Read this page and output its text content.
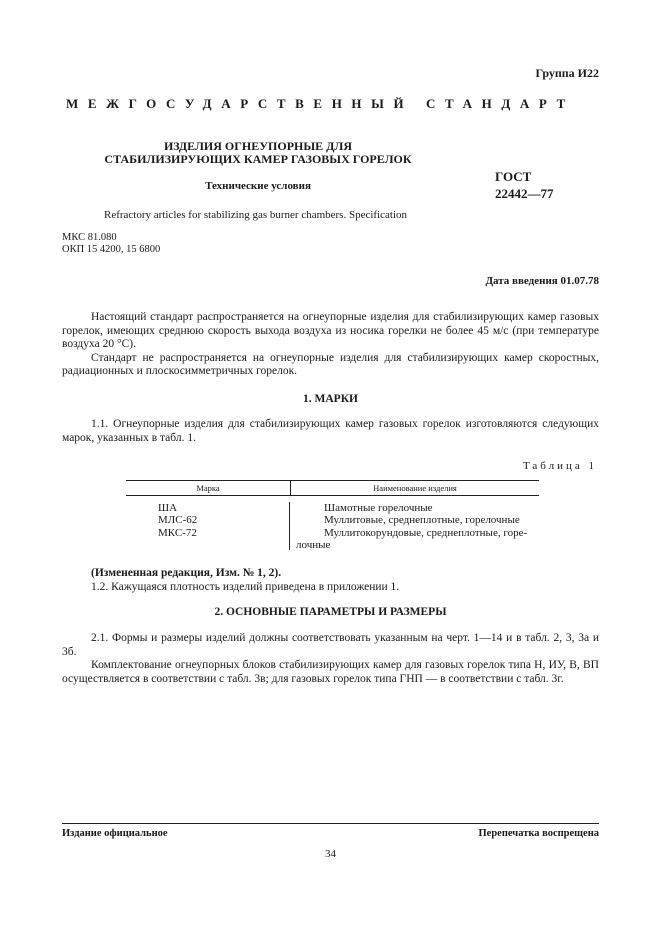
Группа И22
МЕЖГОСУДАРСТВЕННЫЙ СТАНДАРТ
ИЗДЕЛИЯ ОГНЕУПОРНЫЕ ДЛЯ
СТАБИЛИЗИРУЮЩИХ КАМЕР ГАЗОВЫХ ГОРЕЛОК
Технические условия
ГОСТ
22442—77
Refractory articles for stabilizing gas burner chambers. Specification
МКС 81.080
ОКП 15 4200, 15 6800
Дата введения 01.07.78

Настоящий стандарт распространяется на огнеупорные изделия для стабилизирующих камер газовых горелок, имеющих среднюю скорость выхода воздуха из носика горелки не более 45 м/с (при температуре воздуха 20 °С).

Стандарт не распространяется на огнеупорные изделия для стабилизирующих камер скоростных, радиационных и плоскосимметричных горелок.

1. МАРКИ

1.1. Огнеупорные изделия для стабилизирующих камер газовых горелок изготовляются следующих марок, указанных в табл. 1.

Таблица 1
Марка	Наименование изделия
ША
МЛС-62
МКС-72
Шамотные горелочные
Муллитовые, среднеплотные, горелочные
Муллитокорундовые, среднеплотные, горе-
лочные

(Измененная редакция, Изм. № 1, 2).

1.2. Кажущаяся плотность изделий приведена в приложении 1.

2. ОСНОВНЫЕ ПАРАМЕТРЫ И РАЗМЕРЫ

2.1. Формы и размеры изделий должны соответствовать указанным на черт. 1—14 и в табл. 2, 3, 3а и 3б.

Комплектование огнеупорных блоков стабилизирующих камер для газовых горелок типа Н, ИУ, В, ВП осуществляется в соответствии с табл. 3в; для газовых горелок типа ГНП — в соответствии с табл. 3г.

Издание официальное	Перепечатка воспрещена
34
